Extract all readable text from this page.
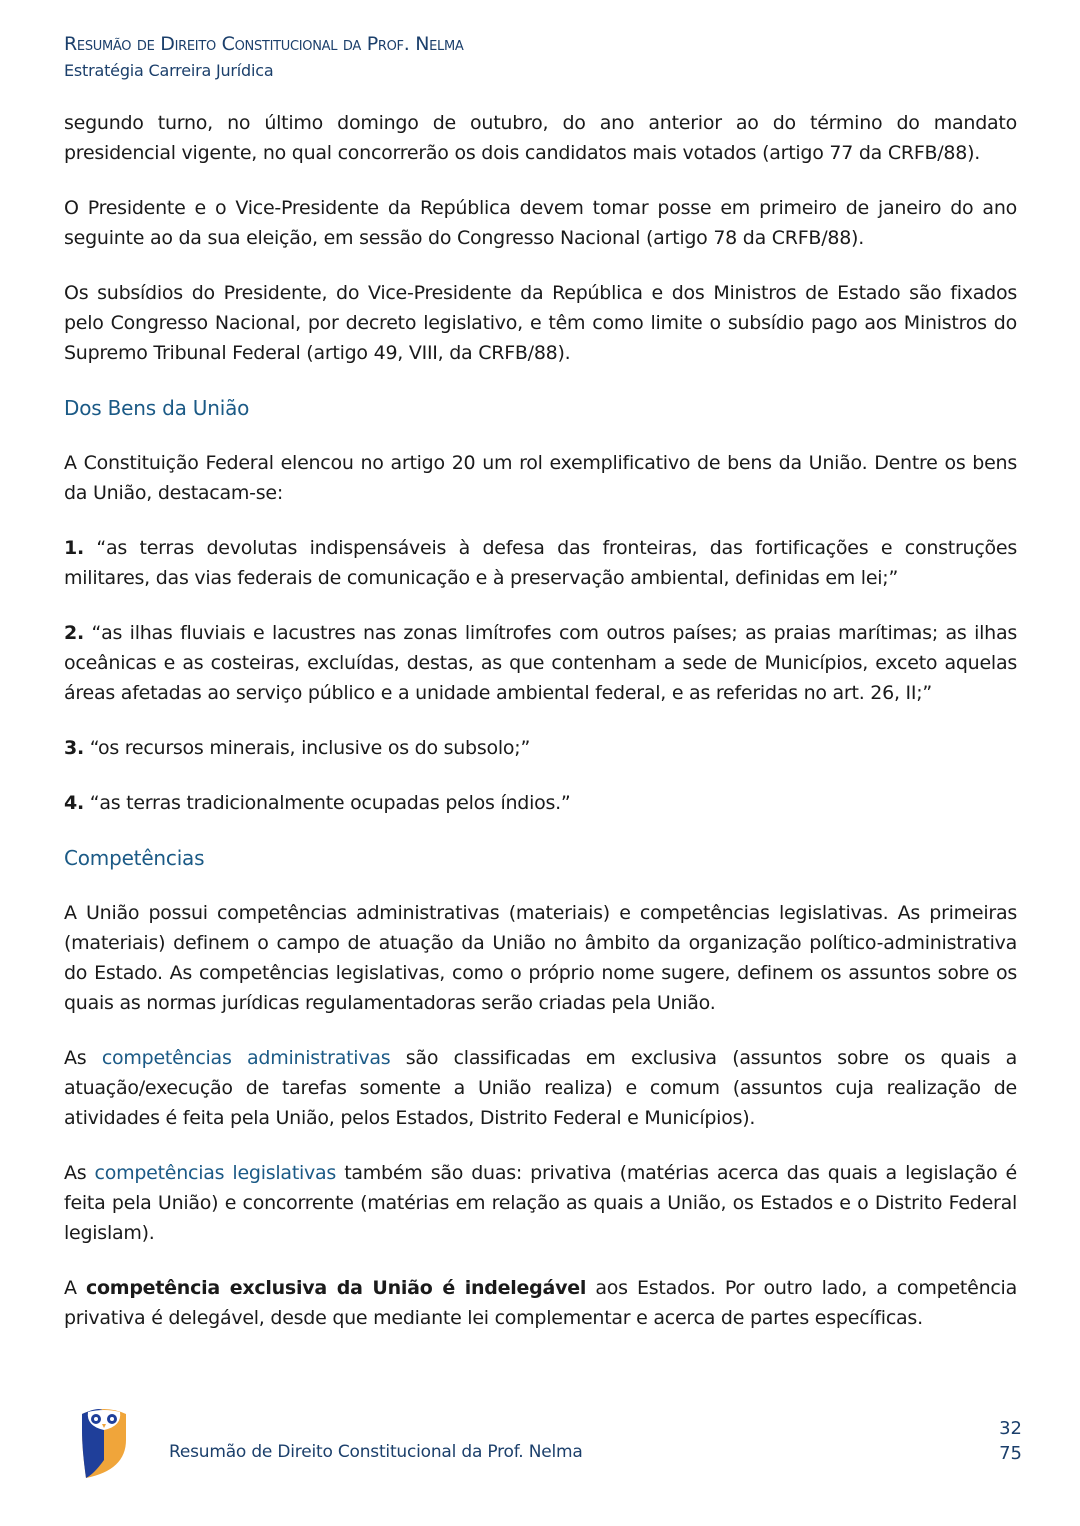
Resumão de Direito Constitucional da Prof. Nelma
Estratégia Carreira Jurídica

segundo turno, no último domingo de outubro, do ano anterior ao do término do mandato presidencial vigente, no qual concorrerão os dois candidatos mais votados (artigo 77 da CRFB/88).

O Presidente e o Vice-Presidente da República devem tomar posse em primeiro de janeiro do ano seguinte ao da sua eleição, em sessão do Congresso Nacional (artigo 78 da CRFB/88).

Os subsídios do Presidente, do Vice-Presidente da República e dos Ministros de Estado são fixados pelo Congresso Nacional, por decreto legislativo, e têm como limite o subsídio pago aos Ministros do Supremo Tribunal Federal (artigo 49, VIII, da CRFB/88).

Dos Bens da União

A Constituição Federal elencou no artigo 20 um rol exemplificativo de bens da União. Dentre os bens da União, destacam-se:

1. “as terras devolutas indispensáveis à defesa das fronteiras, das fortificações e construções militares, das vias federais de comunicação e à preservação ambiental, definidas em lei;”

2. “as ilhas fluviais e lacustres nas zonas limítrofes com outros países; as praias marítimas; as ilhas oceânicas e as costeiras, excluídas, destas, as que contenham a sede de Municípios, exceto aquelas áreas afetadas ao serviço público e a unidade ambiental federal, e as referidas no art. 26, II;”

3. “os recursos minerais, inclusive os do subsolo;”

4. “as terras tradicionalmente ocupadas pelos índios.”

Competências

A União possui competências administrativas (materiais) e competências legislativas. As primeiras (materiais) definem o campo de atuação da União no âmbito da organização político-administrativa do Estado. As competências legislativas, como o próprio nome sugere, definem os assuntos sobre os quais as normas jurídicas regulamentadoras serão criadas pela União.

As competências administrativas são classificadas em exclusiva (assuntos sobre os quais a atuação/execução de tarefas somente a União realiza) e comum (assuntos cuja realização de atividades é feita pela União, pelos Estados, Distrito Federal e Municípios).

As competências legislativas também são duas: privativa (matérias acerca das quais a legislação é feita pela União) e concorrente (matérias em relação as quais a União, os Estados e o Distrito Federal legislam).

A competência exclusiva da União é indelegável aos Estados. Por outro lado, a competência privativa é delegável, desde que mediante lei complementar e acerca de partes específicas.

Resumão de Direito Constitucional da Prof. Nelma
32
75
